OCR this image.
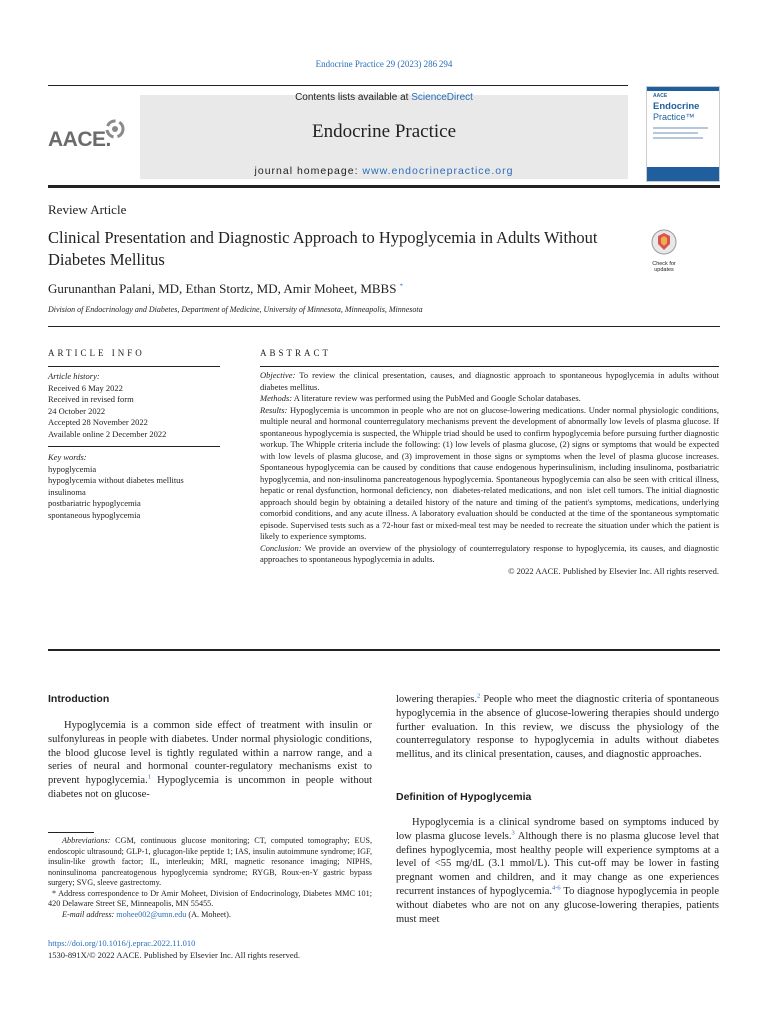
Endocrine Practice 29 (2023) 286 294
AACE.
Contents lists available at ScienceDirect
Endocrine Practice
journal homepage: www.endocrinepractice.org
AACE
Endocrine
Practice™
Review Article
Clinical Presentation and Diagnostic Approach to Hypoglycemia in Adults Without Diabetes Mellitus	Check for updates
Gurunanthan Palani, MD, Ethan Stortz, MD, Amir Moheet, MBBS *
Division of Endocrinology and Diabetes, Department of Medicine, University of Minnesota, Minneapolis, Minnesota
ARTICLE INFO
Article history:
Received 6 May 2022
Received in revised form
24 October 2022
Accepted 28 November 2022
Available online 2 December 2022
Key words:
hypoglycemia
hypoglycemia without diabetes mellitus
insulinoma
postbariatric hypoglycemia
spontaneous hypoglycemia
ABSTRACT

Objective: To review the clinical presentation, causes, and diagnostic approach to spontaneous hypoglycemia in adults without diabetes mellitus.

Methods: A literature review was performed using the PubMed and Google Scholar databases.

Results: Hypoglycemia is uncommon in people who are not on glucose-lowering medications. Under normal physiologic conditions, multiple neural and hormonal counterregulatory mechanisms prevent the development of abnormally low levels of plasma glucose. If spontaneous hypoglycemia is suspected, the Whipple triad should be used to confirm hypoglycemia before pursuing further diagnostic workup. The Whipple criteria include the following: (1) low levels of plasma glucose, (2) signs or symptoms that would be expected with low levels of plasma glucose, and (3) improvement in those signs or symptoms when the level of plasma glucose increases. Spontaneous hypoglycemia can be caused by conditions that cause endogenous hyperinsulinism, including insulinoma, postbariatric hypoglycemia, and non-insulinoma pancreatogenous hypoglycemia. Spontaneous hypoglycemia can also be seen with critical illness, hepatic or renal dysfunction, hormonal deficiency, non  diabetes-related medications, and non  islet cell tumors. The initial diagnostic approach should begin by obtaining a detailed history of the nature and timing of the patient's symptoms, medications, underlying comorbid conditions, and any acute illness. A laboratory evaluation should be conducted at the time of the spontaneous symptomatic episode. Supervised tests such as a 72-hour fast or mixed-meal test may be needed to recreate the situation under which the patient is likely to experience symptoms.

Conclusion: We provide an overview of the physiology of counterregulatory response to hypoglycemia, its causes, and diagnostic approaches to spontaneous hypoglycemia in adults.

© 2022 AACE. Published by Elsevier Inc. All rights reserved.

Introduction

Hypoglycemia is a common side effect of treatment with insulin or sulfonylureas in people with diabetes. Under normal physiologic conditions, the blood glucose level is tightly regulated within a narrow range, and a series of neural and hormonal counter-regulatory mechanisms exist to prevent hypoglycemia.$^1$ Hypoglycemia is uncommon in people without diabetes not on glucose-

Abbreviations: CGM, continuous glucose monitoring; CT, computed tomography; EUS, endoscopic ultrasound; GLP-1, glucagon-like peptide 1; IAS, insulin autoimmune syndrome; IGF, insulin-like growth factor; IL, interleukin; MRI, magnetic resonance imaging; NIPHS, noninsulinoma pancreatogenous hypoglycemia syndrome; RYGB, Roux-en-Y gastric bypass surgery; SVG, sleeve gastrectomy.

* Address correspondence to Dr Amir Moheet, Division of Endocrinology, Diabetes  MMC 101; 420 Delaware Street SE, Minneapolis, MN 55455.

E-mail address: mohee002@umn.edu (A. Moheet).

https://doi.org/10.1016/j.eprac.2022.11.010
1530-891X/© 2022 AACE. Published by Elsevier Inc. All rights reserved.

lowering therapies.$^2$ People who meet the diagnostic criteria of spontaneous hypoglycemia in the absence of glucose-lowering therapies should undergo further evaluation. In this review, we discuss the physiology of the counterregulatory response to hypoglycemia in adults without diabetes mellitus, and its clinical presentation, causes, and diagnostic approaches.

Definition of Hypoglycemia

Hypoglycemia is a clinical syndrome based on symptoms induced by low plasma glucose levels.$^3$ Although there is no plasma glucose level that defines hypoglycemia, most healthy people will experience symptoms at a level of <55 mg/dL (3.1 mmol/L). This cut-off may be lower in fasting pregnant women and children, and it may change as one experiences recurrent instances of hypoglycemia.$^{4-6}$ To diagnose hypoglycemia in people without diabetes who are not on any glucose-lowering therapies, patients must meet
